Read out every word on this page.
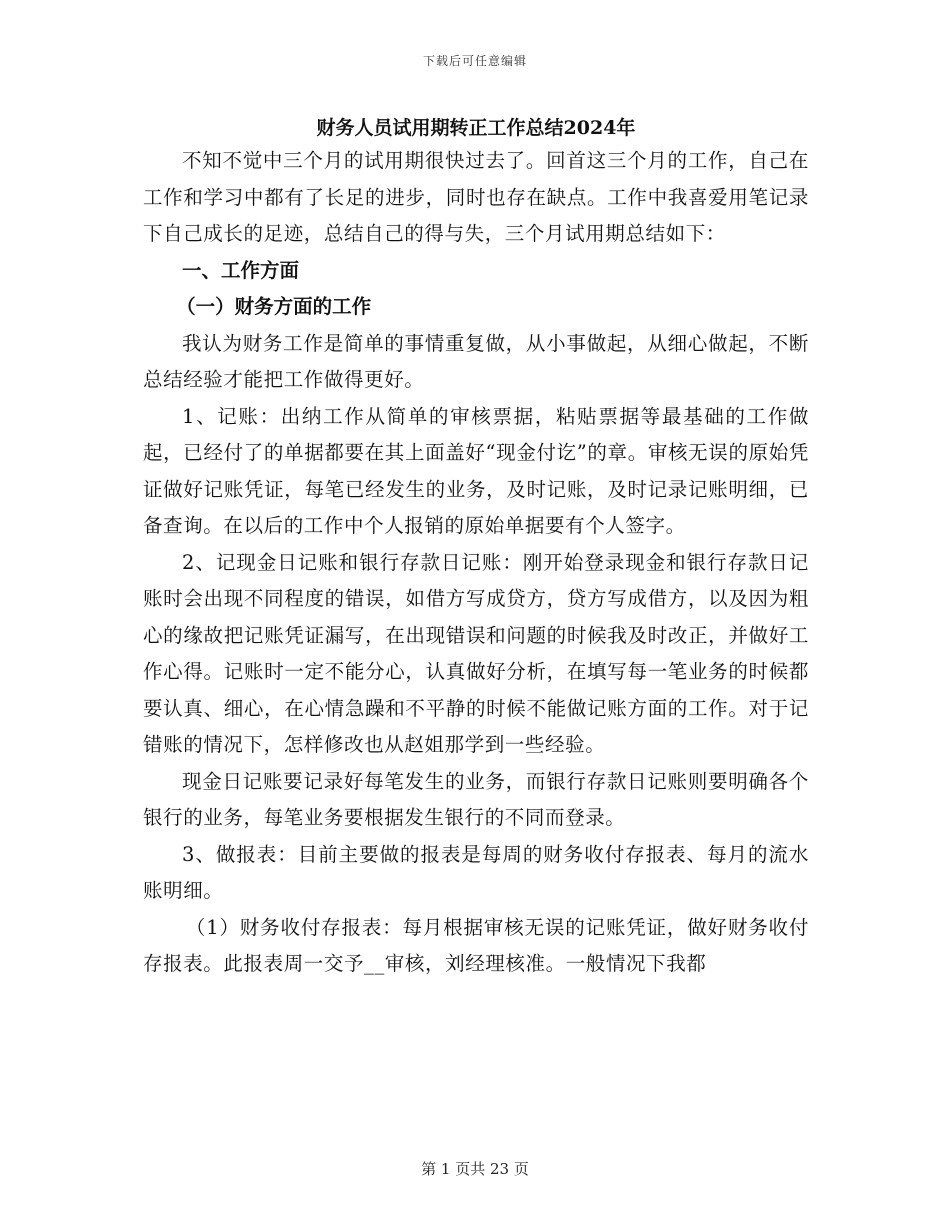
下载后可任意编辑
财务人员试用期转正工作总结2024年

不知不觉中三个月的试用期很快过去了。回首这三个月的工作，自己在工作和学习中都有了长足的进步，同时也存在缺点。工作中我喜爱用笔记录下自己成长的足迹，总结自己的得与失，三个月试用期总结如下：

一、工作方面

（一）财务方面的工作

我认为财务工作是简单的事情重复做，从小事做起，从细心做起，不断总结经验才能把工作做得更好。

1、记账：出纳工作从简单的审核票据，粘贴票据等最基础的工作做起，已经付了的单据都要在其上面盖好“现金付讫”的章。审核无误的原始凭证做好记账凭证，每笔已经发生的业务，及时记账，及时记录记账明细，已备查询。在以后的工作中个人报销的原始单据要有个人签字。

2、记现金日记账和银行存款日记账：刚开始登录现金和银行存款日记账时会出现不同程度的错误，如借方写成贷方，贷方写成借方，以及因为粗心的缘故把记账凭证漏写，在出现错误和问题的时候我及时改正，并做好工作心得。记账时一定不能分心，认真做好分析，在填写每一笔业务的时候都要认真、细心，在心情急躁和不平静的时候不能做记账方面的工作。对于记错账的情况下，怎样修改也从赵姐那学到一些经验。

现金日记账要记录好每笔发生的业务，而银行存款日记账则要明确各个银行的业务，每笔业务要根据发生银行的不同而登录。

3、做报表：目前主要做的报表是每周的财务收付存报表、每月的流水账明细。

（1）财务收付存报表：每月根据审核无误的记账凭证，做好财务收付存报表。此报表周一交予__审核，刘经理核准。一般情况下我都

第 1 页共 23 页
